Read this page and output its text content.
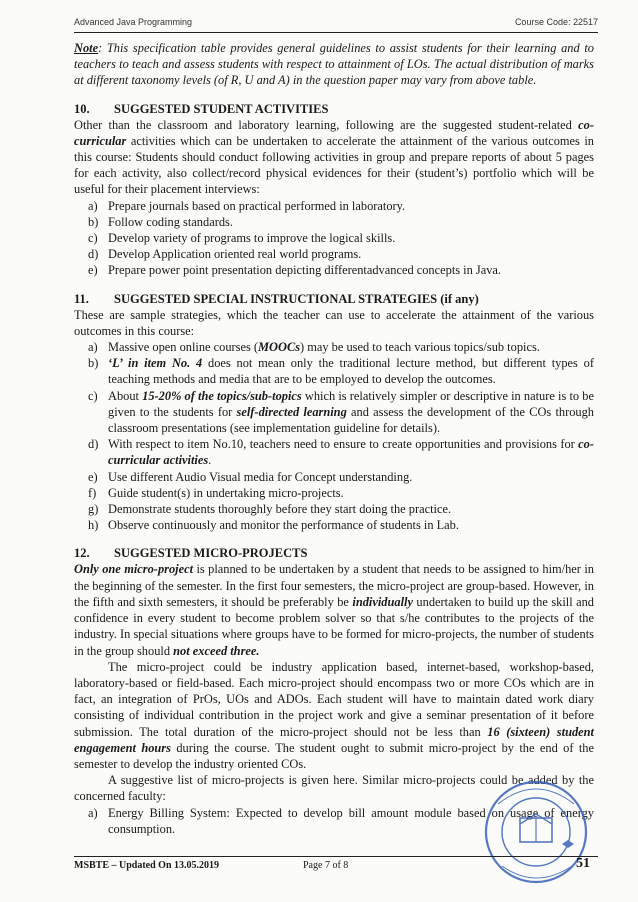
Advanced Java Programming	Course Code: 22517

Note: This specification table provides general guidelines to assist students for their learning and to teachers to teach and assess students with respect to attainment of LOs. The actual distribution of marks at different taxonomy levels (of R, U and A) in the question paper may vary from above table.

10. SUGGESTED STUDENT ACTIVITIES

Other than the classroom and laboratory learning, following are the suggested student-related co-curricular activities which can be undertaken to accelerate the attainment of the various outcomes in this course: Students should conduct following activities in group and prepare reports of about 5 pages for each activity, also collect/record physical evidences for their (student’s) portfolio which will be useful for their placement interviews:

a) Prepare journals based on practical performed in laboratory.
b) Follow coding standards.
c) Develop variety of programs to improve the logical skills.
d) Develop Application oriented real world programs.
e) Prepare power point presentation depicting differentadvanced concepts in Java.
11. SUGGESTED SPECIAL INSTRUCTIONAL STRATEGIES (if any)

These are sample strategies, which the teacher can use to accelerate the attainment of the various outcomes in this course:

a) Massive open online courses (MOOCs) may be used to teach various topics/sub topics.
b) ‘L’ in item No. 4 does not mean only the traditional lecture method, but different types of teaching methods and media that are to be employed to develop the outcomes.
c) About 15-20% of the topics/sub-topics which is relatively simpler or descriptive in nature is to be given to the students for self-directed learning and assess the development of the COs through classroom presentations (see implementation guideline for details).
d) With respect to item No.10, teachers need to ensure to create opportunities and provisions for co-curricular activities.
e) Use different Audio Visual media for Concept understanding.
f) Guide student(s) in undertaking micro-projects.
g) Demonstrate students thoroughly before they start doing the practice.
h) Observe continuously and monitor the performance of students in Lab.
12. SUGGESTED MICRO-PROJECTS

Only one micro-project is planned to be undertaken by a student that needs to be assigned to him/her in the beginning of the semester. In the first four semesters, the micro-project are group-based. However, in the fifth and sixth semesters, it should be preferably be individually undertaken to build up the skill and confidence in every student to become problem solver so that s/he contributes to the projects of the industry. In special situations where groups have to be formed for micro-projects, the number of students in the group should not exceed three.

The micro-project could be industry application based, internet-based, workshop-based, laboratory-based or field-based. Each micro-project should encompass two or more COs which are in fact, an integration of PrOs, UOs and ADOs. Each student will have to maintain dated work diary consisting of individual contribution in the project work and give a seminar presentation of it before submission. The total duration of the micro-project should not be less than 16 (sixteen) student engagement hours during the course. The student ought to submit micro-project by the end of the semester to develop the industry oriented COs.

A suggestive list of micro-projects is given here. Similar micro-projects could be added by the concerned faculty:

a) Energy Billing System: Expected to develop bill amount module based on usage of energy consumption.
MSBTE – Updated On 13.05.2019	Page 7 of 8	51
